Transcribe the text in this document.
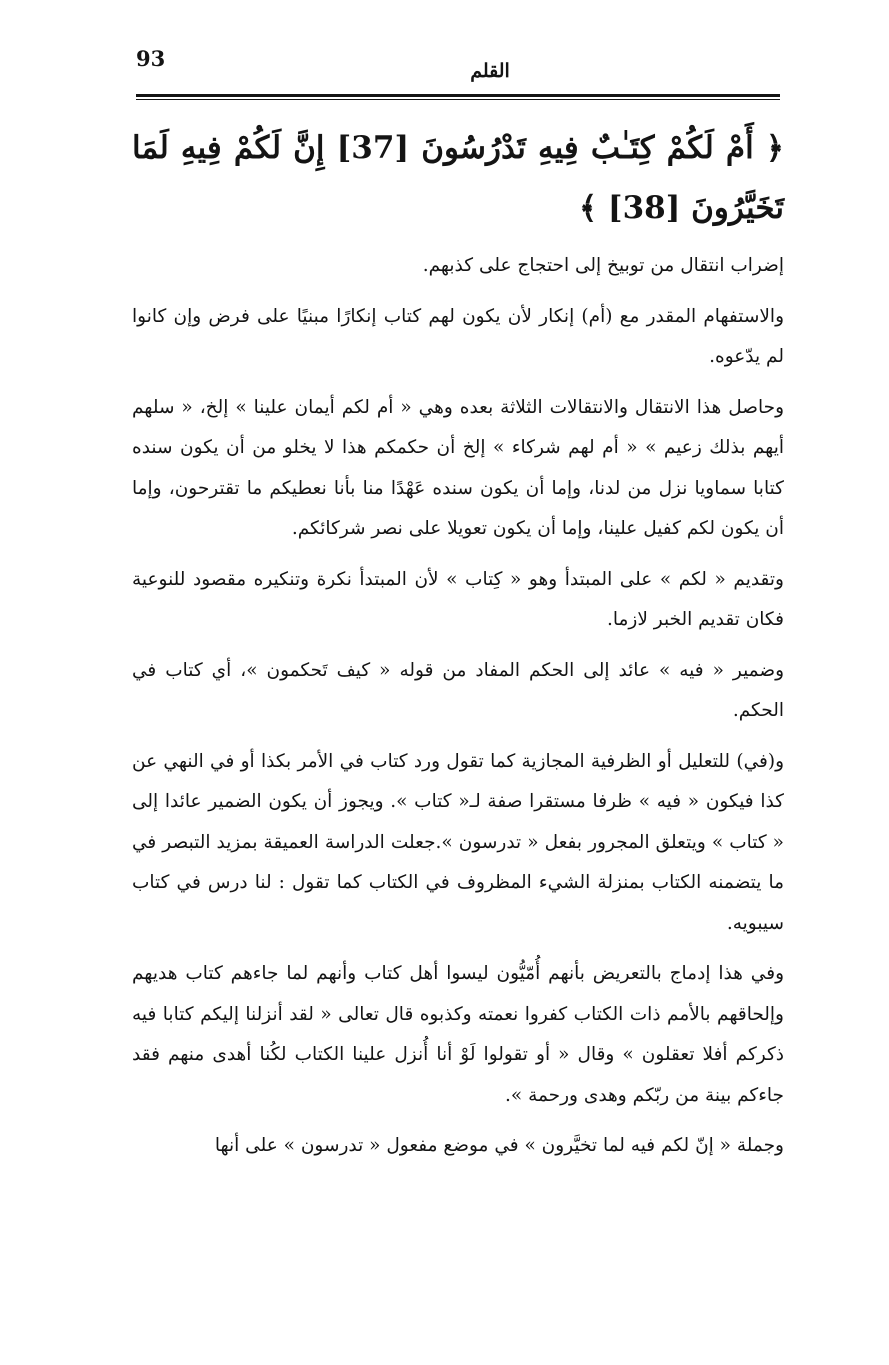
93	القلم
﴿ أَمْ لَكُمْ كِتَـٰبٌ فِيهِ تَدْرُسُونَ [37] إِنَّ لَكُمْ فِيهِ لَمَا تَخَيَّرُونَ [38] ﴾

إضراب انتقال من توبيخ إلى احتجاج على كذبهم.

والاستفهام المقدر مع (أم) إنكار لأن يكون لهم كتاب إنكارًا مبنيًا على فرض وإن كانوا لم يدّعوه.

وحاصل هذا الانتقال والانتقالات الثلاثة بعده وهي « أم لكم أيمان علينا » إلخ، « سلهم أيهم بذلك زعيم » « أم لهم شركاء » إلخ أن حكمكم هذا لا يخلو من أن يكون سنده كتابا سماويا نزل من لدنا، وإما أن يكون سنده عَهْدًا منا بأنا نعطيكم ما تقترحون، وإما أن يكون لكم كفيل علينا، وإما أن يكون تعويلا على نصر شركائكم.

وتقديم « لكم » على المبتدأ وهو « كِتاب » لأن المبتدأ نكرة وتنكيره مقصود للنوعية فكان تقديم الخبر لازما.

وضمير « فيه » عائد إلى الحكم المفاد من قوله « كيف تَحكمون »، أي كتاب في الحكم.

و(في) للتعليل أو الظرفية المجازية كما تقول ورد كتاب في الأمر بكذا أو في النهي عن كذا فيكون « فيه » ظرفا مستقرا صفة لـ« كتاب ». ويجوز أن يكون الضمير عائدا إلى « كتاب » ويتعلق المجرور بفعل « تدرسون ».جعلت الدراسة العميقة بمزيد التبصر في ما يتضمنه الكتاب بمنزلة الشيء المظروف في الكتاب كما تقول : لنا درس في كتاب سيبويه.

وفي هذا إدماج بالتعريض بأنهم أُمّيُّون ليسوا أهل كتاب وأنهم لما جاءهم كتاب هديهم وإلحاقهم بالأمم ذات الكتاب كفروا نعمته وكذبوه قال تعالى « لقد أنزلنا إليكم كتابا فيه ذكركم أفلا تعقلون » وقال « أو تقولوا لَوْ أنا أُنزل علينا الكتاب لكُنا أهدى منهم فقد جاءكم بينة من ربّكم وهدى ورحمة ».

وجملة « إنّ لكم فيه لما تخيَّرون » في موضع مفعول « تدرسون » على أنها
